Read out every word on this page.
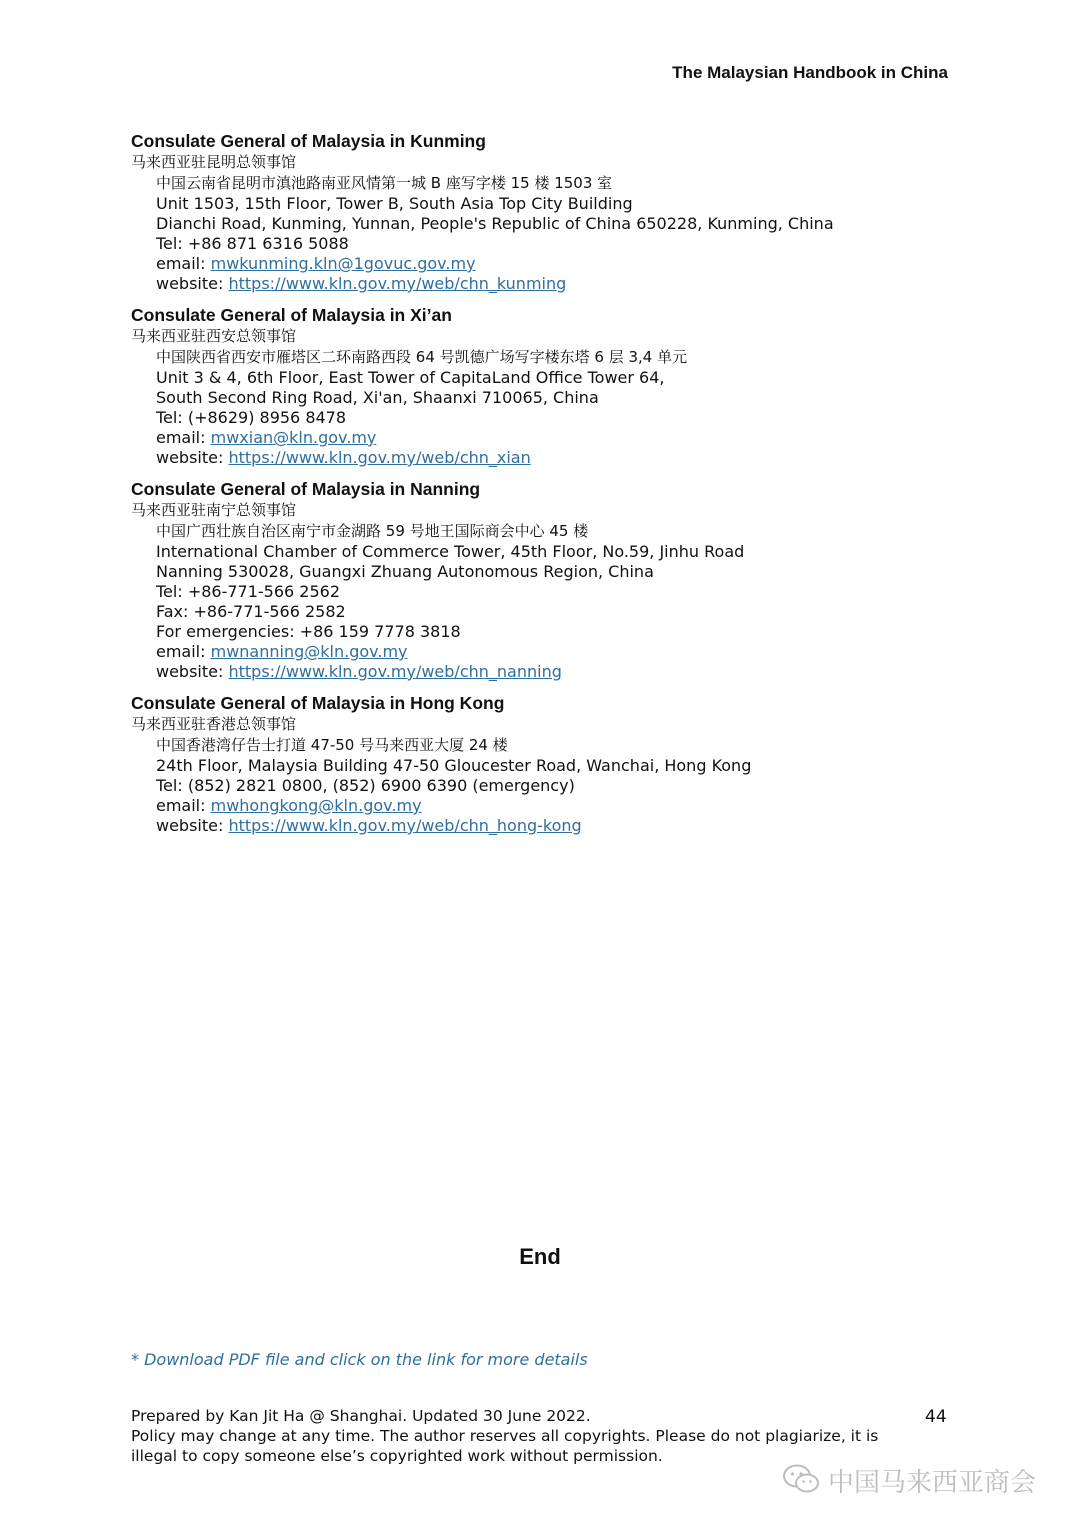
The Malaysian Handbook in China
Consulate General of Malaysia in Kunming
马来西亚驻昆明总领事馆
中国云南省昆明市滇池路南亚风情第一城 B 座写字楼 15 楼 1503 室
Unit 1503, 15th Floor, Tower B, South Asia Top City Building
Dianchi Road, Kunming, Yunnan, People's Republic of China 650228, Kunming, China
Tel: +86 871 6316 5088
email: mwkunming.kln@1govuc.gov.my
website: https://www.kln.gov.my/web/chn_kunming
Consulate General of Malaysia in Xi’an
马来西亚驻西安总领事馆
中国陕西省西安市雁塔区二环南路西段 64 号凯德广场写字楼东塔 6 层 3,4 单元
Unit 3 & 4, 6th Floor, East Tower of CapitaLand Office Tower 64,
South Second Ring Road, Xi'an, Shaanxi 710065, China
Tel: (+8629) 8956 8478
email: mwxian@kln.gov.my
website: https://www.kln.gov.my/web/chn_xian
Consulate General of Malaysia in Nanning
马来西亚驻南宁总领事馆
中国广西壮族自治区南宁市金湖路 59 号地王国际商会中心 45 楼
International Chamber of Commerce Tower, 45th Floor, No.59, Jinhu Road
Nanning 530028, Guangxi Zhuang Autonomous Region, China
Tel: +86-771-566 2562
Fax: +86-771-566 2582
For emergencies: +86 159 7778 3818
email: mwnanning@kln.gov.my
website: https://www.kln.gov.my/web/chn_nanning
Consulate General of Malaysia in Hong Kong
马来西亚驻香港总领事馆
中国香港湾仔告士打道 47-50 号马来西亚大厦 24 楼
24th Floor, Malaysia Building 47-50 Gloucester Road, Wanchai, Hong Kong
Tel: (852) 2821 0800, (852) 6900 6390 (emergency)
email: mwhongkong@kln.gov.my
website: https://www.kln.gov.my/web/chn_hong-kong
End
* Download PDF file and click on the link for more details
Prepared by Kan Jit Ha @ Shanghai. Updated 30 June 2022.
Policy may change at any time. The author reserves all copyrights. Please do not plagiarize, it is illegal to copy someone else’s copyrighted work without permission.
44
中国马来西亚商会
